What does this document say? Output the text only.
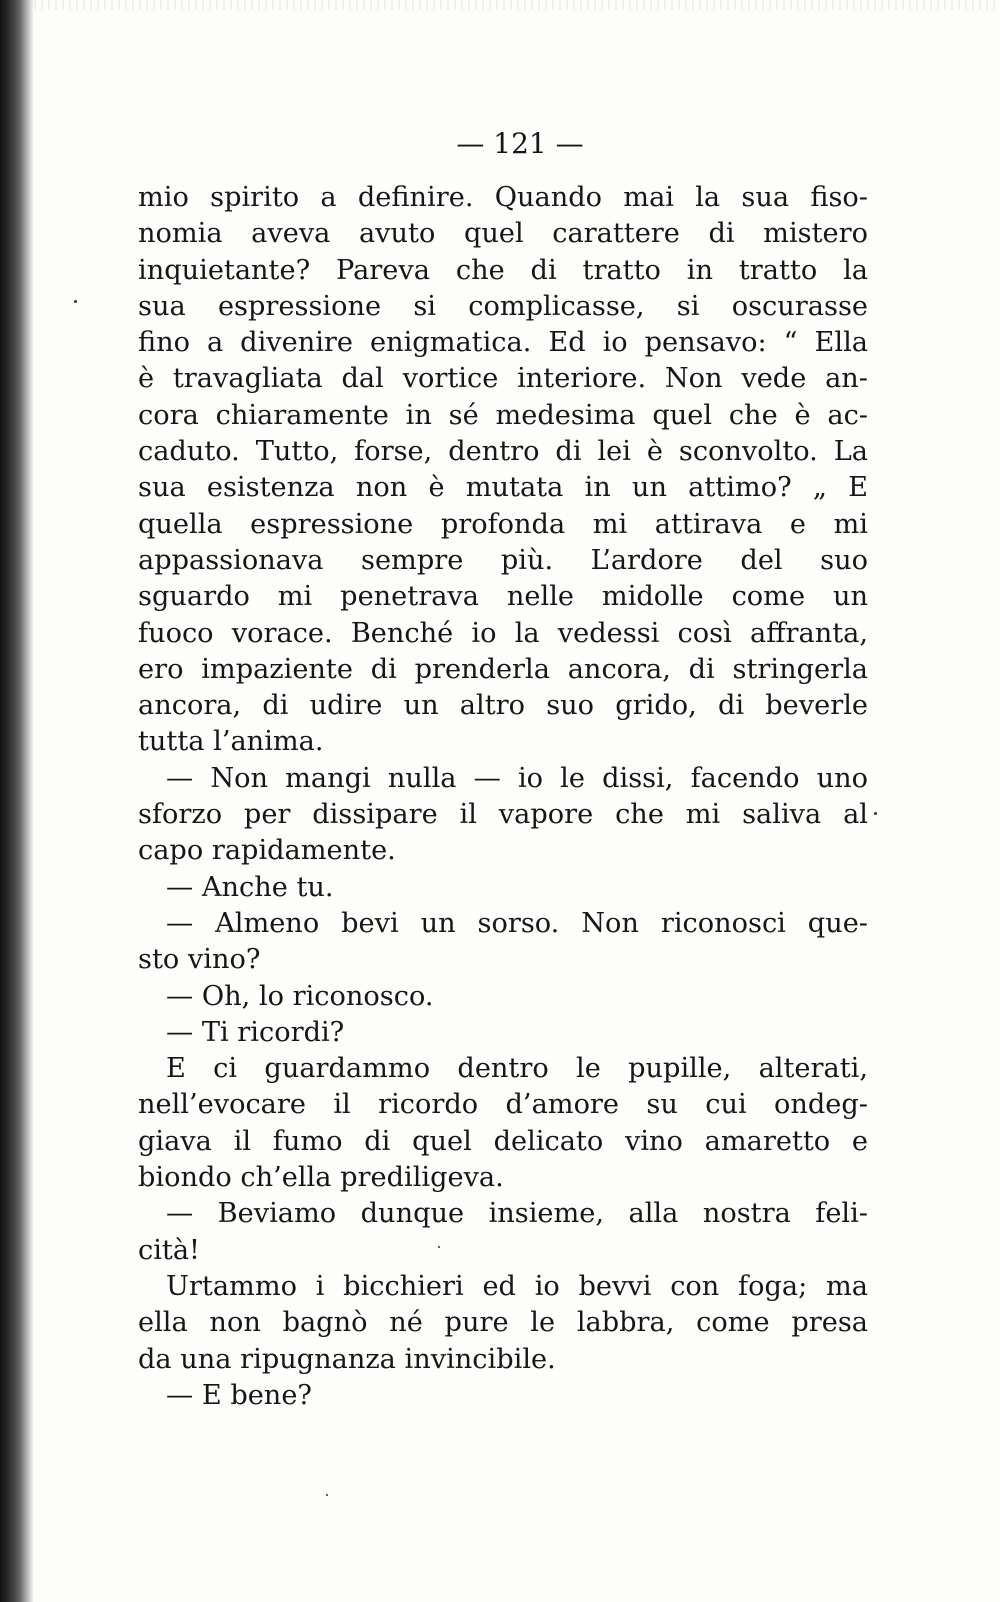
— 121 —
mio spirito a definire. Quando mai la sua fiso-
nomia aveva avuto quel carattere di mistero
inquietante? Pareva che di tratto in tratto la
sua espressione si complicasse, si oscurasse
fino a divenire enigmatica. Ed io pensavo: “ Ella
è travagliata dal vortice interiore. Non vede an-
cora chiaramente in sé medesima quel che è ac-
caduto. Tutto, forse, dentro di lei è sconvolto. La
sua esistenza non è mutata in un attimo? „ E
quella espressione profonda mi attirava e mi
appassionava sempre più. L’ardore del suo
sguardo mi penetrava nelle midolle come un
fuoco vorace. Benché io la vedessi così affranta,
ero impaziente di prenderla ancora, di stringerla
ancora, di udire un altro suo grido, di beverle
tutta l’anima.
— Non mangi nulla — io le dissi, facendo uno
sforzo per dissipare il vapore che mi saliva al
capo rapidamente.
— Anche tu.
— Almeno bevi un sorso. Non riconosci que-
sto vino?
— Oh, lo riconosco.
— Ti ricordi?
E ci guardammo dentro le pupille, alterati,
nell’evocare il ricordo d’amore su cui ondeg-
giava il fumo di quel delicato vino amaretto e
biondo ch’ella prediligeva.
— Beviamo dunque insieme, alla nostra feli-
cità!
Urtammo i bicchieri ed io bevvi con foga; ma
ella non bagnò né pure le labbra, come presa
da una ripugnanza invincibile.
— E bene?
